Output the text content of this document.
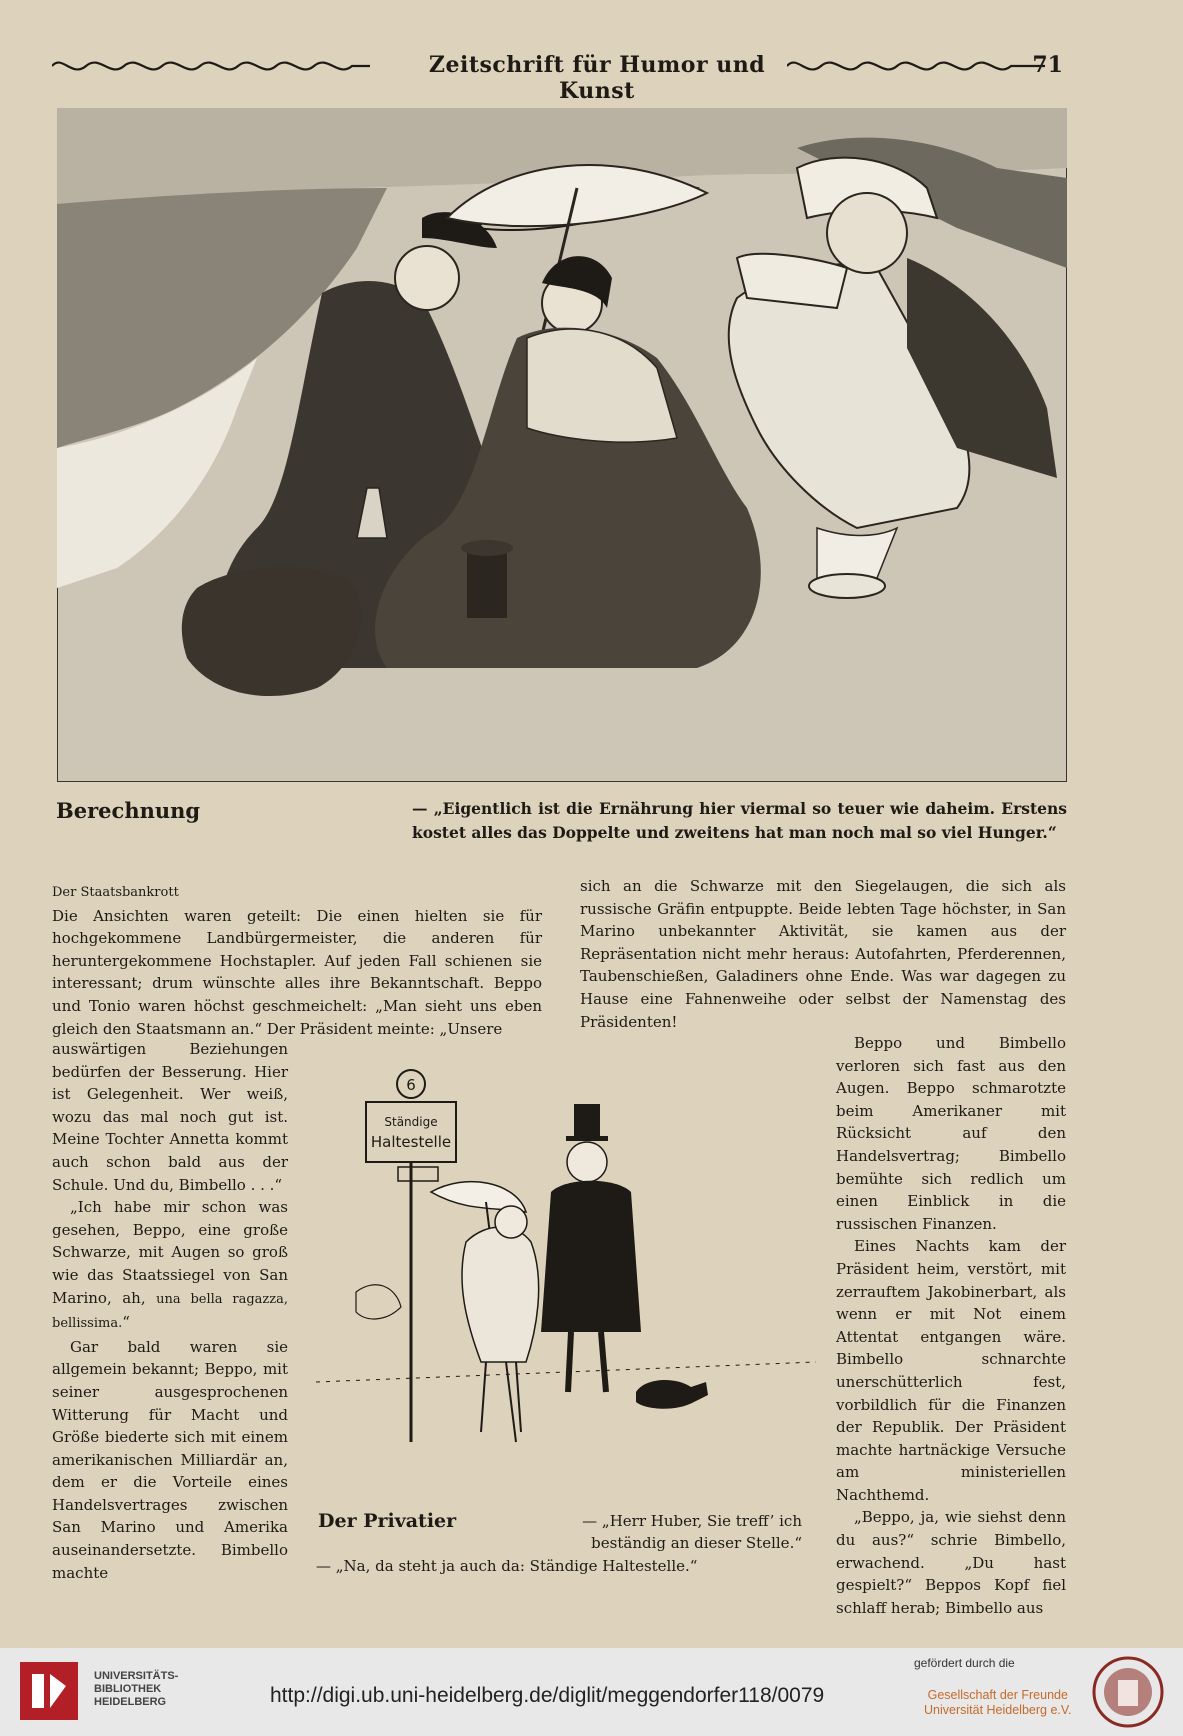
Zeitschrift für Humor und Kunst
71
Berechnung	— „Eigentlich ist die Ernährung hier viermal so teuer wie daheim. Erstens kostet alles das Doppelte und zweitens hat man noch mal so viel Hunger.“

Der Staatsbankrott

Die Ansichten waren geteilt: Die einen hielten sie für hochgekommene Landbürgermeister, die anderen für heruntergekommene Hochstapler. Auf jeden Fall schienen sie interessant; drum wünschte alles ihre Bekanntschaft. Beppo und Tonio waren höchst geschmeichelt: „Man sieht uns eben gleich den Staatsmann an.“ Der Präsident meinte: „Unsere

auswärtigen Beziehungen bedürfen der Besserung. Hier ist Gelegenheit. Wer weiß, wozu das mal noch gut ist. Meine Tochter Annetta kommt auch schon bald aus der Schule. Und du, Bimbello . . .“

„Ich habe mir schon was gesehen, Beppo, eine große Schwarze, mit Augen so groß wie das Staatssiegel von San Marino, ah, una bella ragazza, bellissima.“

Gar bald waren sie allgemein bekannt; Beppo, mit seiner ausgesprochenen Witterung für Macht und Größe biederte sich mit einem amerikanischen Milliardär an, dem er die Vorteile eines Handelsvertrages zwischen San Marino und Amerika auseinandersetzte. Bimbello machte

sich an die Schwarze mit den Siegelaugen, die sich als russische Gräfin entpuppte. Beide lebten Tage höchster, in San Marino unbekannter Aktivität, sie kamen aus der Repräsentation nicht mehr heraus: Autofahrten, Pferderennen, Taubenschießen, Galadiners ohne Ende. Was war dagegen zu Hause eine Fahnenweihe oder selbst der Namenstag des Präsidenten!

Beppo und Bimbello verloren sich fast aus den Augen. Beppo schmarotzte beim Amerikaner mit Rücksicht auf den Handelsvertrag; Bimbello bemühte sich redlich um einen Einblick in die russischen Finanzen.

Eines Nachts kam der Präsident heim, verstört, mit zerrauftem Jakobinerbart, als wenn er mit Not einem Attentat entgangen wäre. Bimbello schnarchte unerschütterlich fest, vorbildlich für die Finanzen der Republik. Der Präsident machte hartnäckige Versuche am ministeriellen Nachthemd.

„Beppo, ja, wie siehst denn du aus?“ schrie Bimbello, erwachend. „Du hast gespielt?“ Beppos Kopf fiel schlaff herab; Bimbello aus

6
Ständige
Haltestelle
Der Privatier	— „Herr Huber, Sie treff’ ich beständig an dieser Stelle.“
— „Na, da steht ja auch da: Ständige Haltestelle.“
UNIVERSITÄTS-
BIBLIOTHEK
HEIDELBERG	http://digi.ub.uni-heidelberg.de/diglit/meggendorfer118/0079
gefördert durch die
Gesellschaft der Freunde
Universität Heidelberg e.V.
